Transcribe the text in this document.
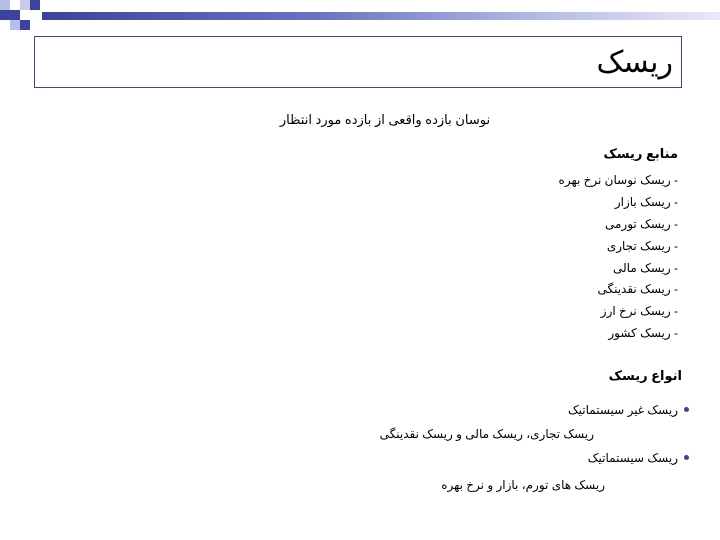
ریسک
نوسان بازده واقعی از بازده مورد انتظار
منابع ریسک
- ریسک نوسان نرخ بهره
- ریسک بازار
- ریسک تورمی
- ریسک تجاری
- ریسک مالی
- ریسک نقدینگی
- ریسک نرخ ارز
- ریسک کشور
انواع ریسک
ریسک غیر سیستماتیک
ریسک تجاری، ریسک مالی و ریسک نقدینگی
ریسک سیستماتیک
ریسک های تورم، بازار و نرخ بهره
